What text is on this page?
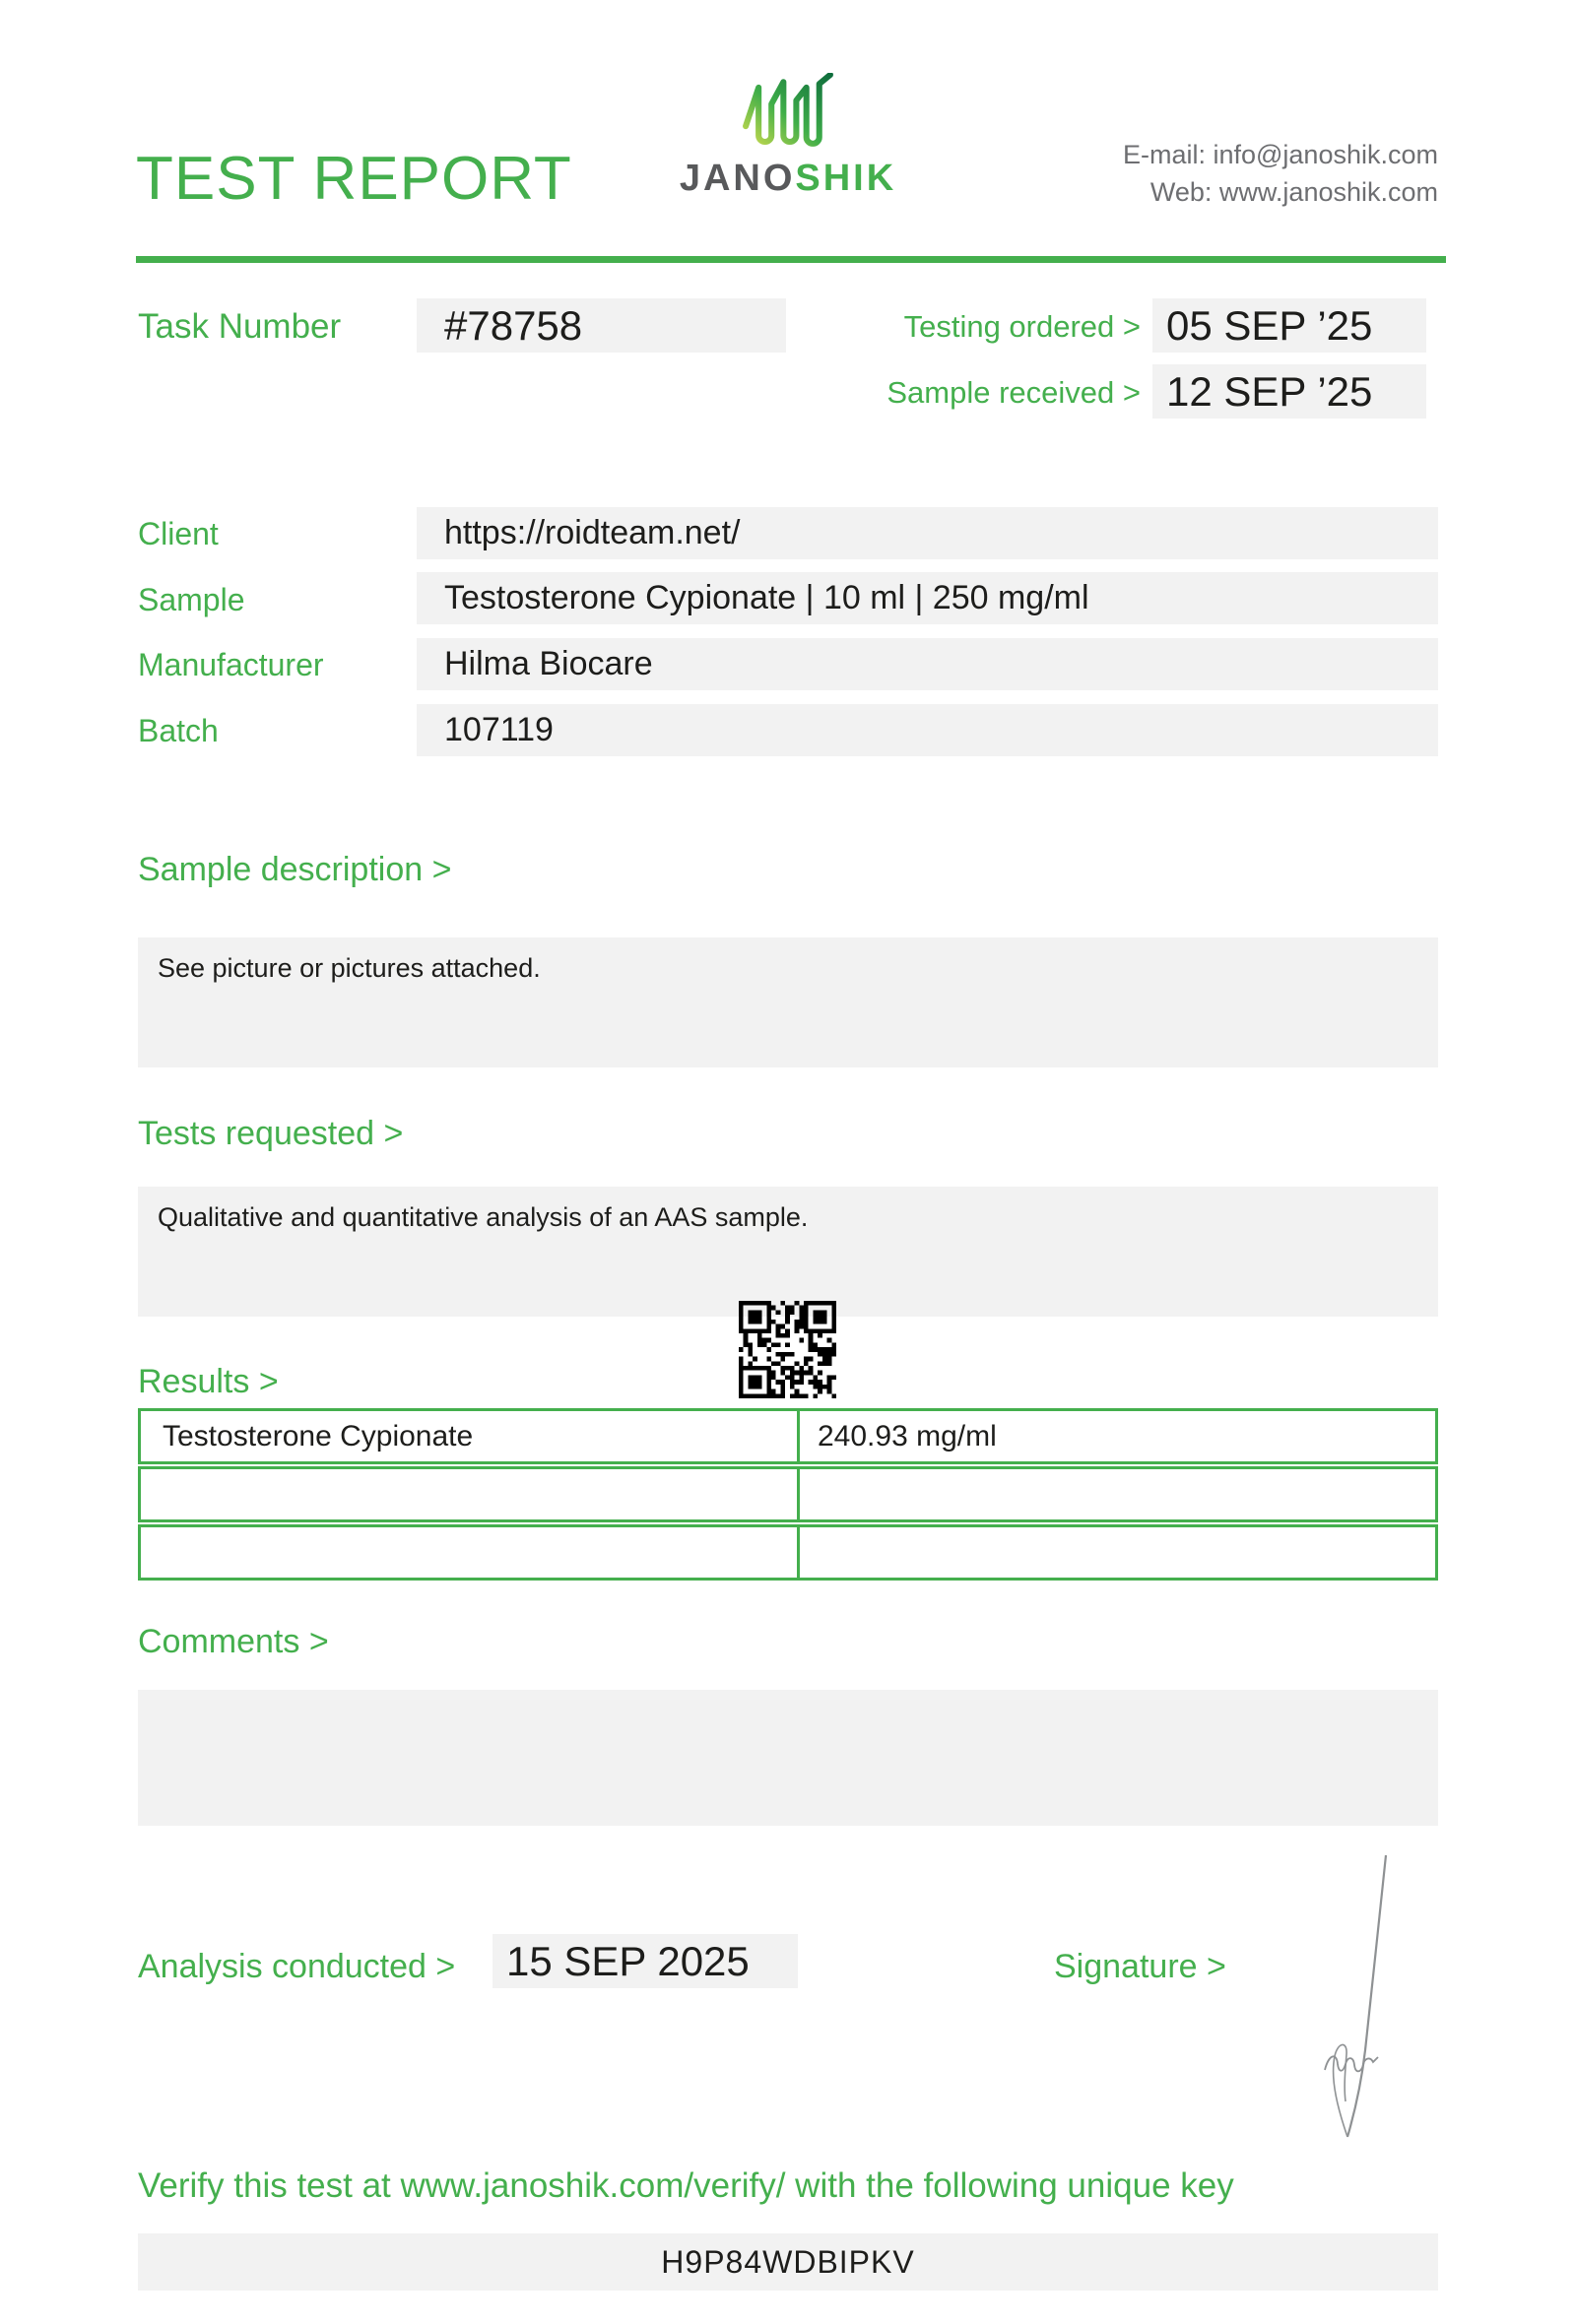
TEST REPORT	JANOSHIK
E-mail: info@janoshik.com
Web: www.janoshik.com
Task Number	#78758	Testing ordered > 05 SEP ’25
Sample received > 12 SEP ’25
Client	https://roidteam.net/
Sample	Testosterone Cypionate | 10 ml | 250 mg/ml
Manufacturer	Hilma Biocare
Batch	107119
Sample description >
See picture or pictures attached.
Tests requested >
Qualitative and quantitative analysis of an AAS sample.
Results >
Testosterone Cypionate	240.93 mg/ml
Comments >
Analysis conducted >	15 SEP 2025	Signature >
Verify this test at www.janoshik.com/verify/ with the following unique key
H9P84WDBIPKV
